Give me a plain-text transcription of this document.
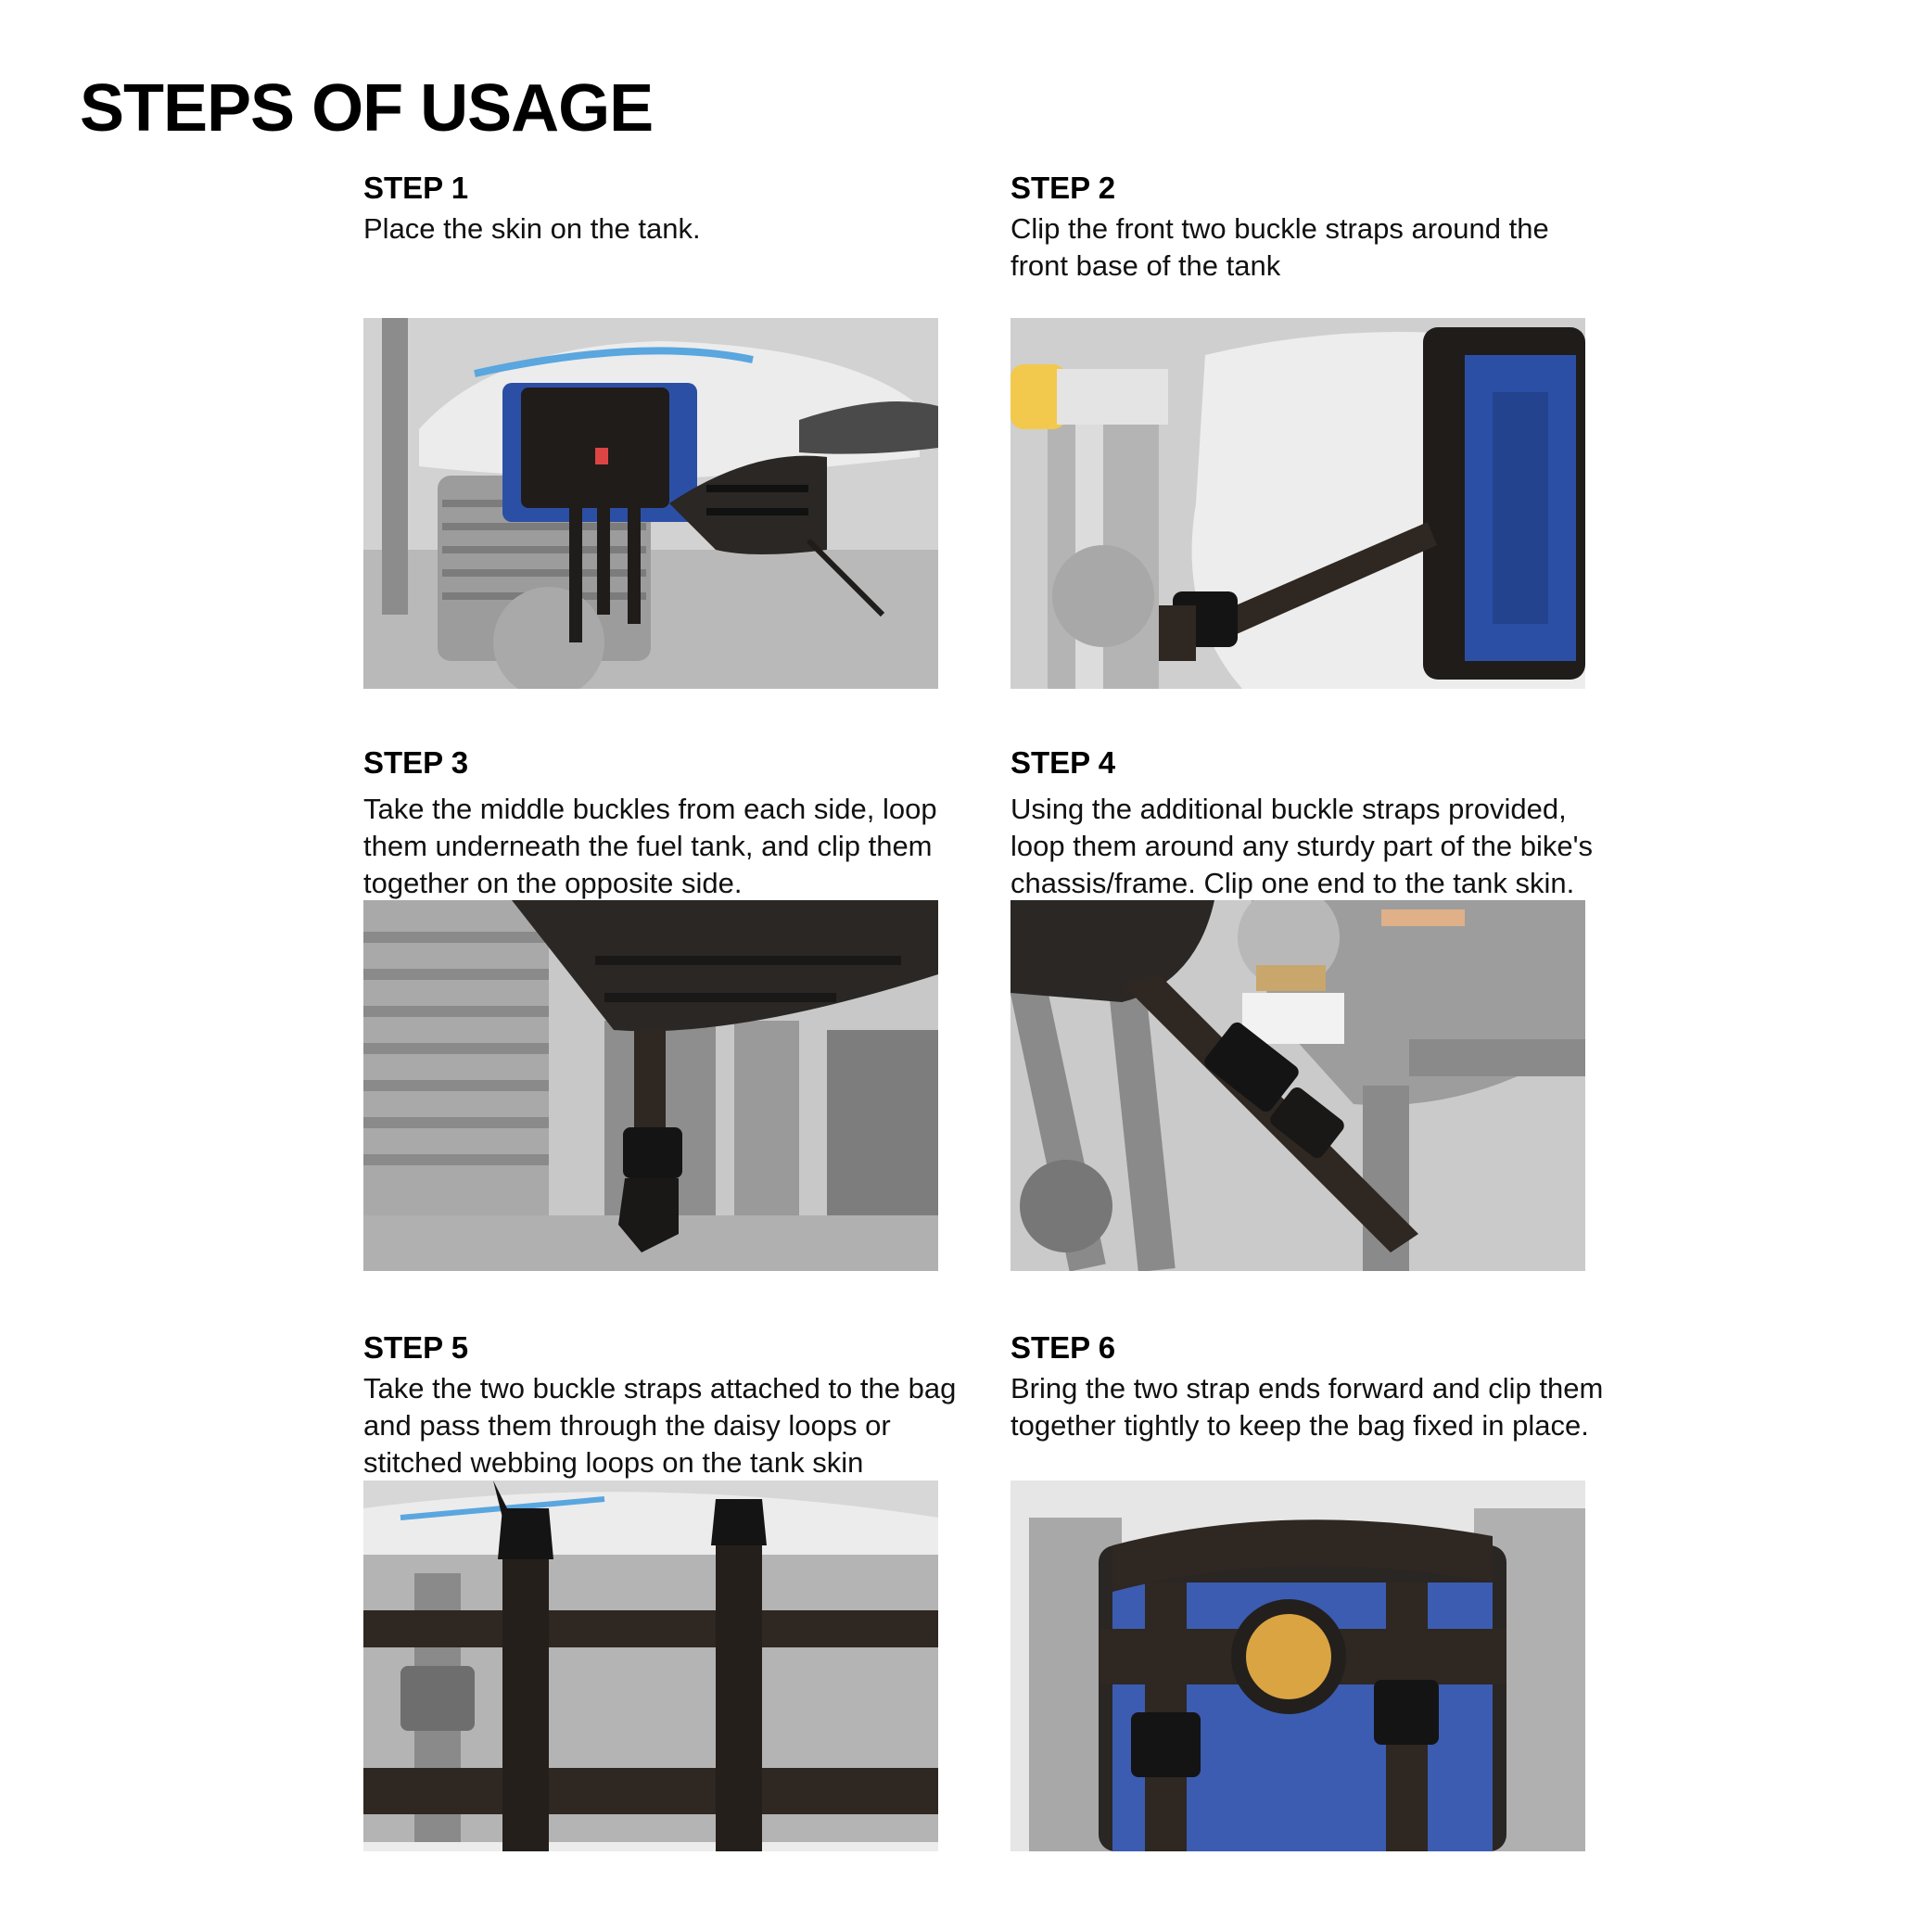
STEPS OF USAGE
STEP 1
Place the skin on the tank.
STEP 2
Clip the front two buckle straps around the front base of the tank
STEP 3
Take the middle buckles from each side, loop them underneath the fuel tank, and clip them together on the opposite side.
STEP 4
Using the additional buckle straps provided, loop them around any sturdy part of the bike's chassis/frame. Clip one end to the tank skin.
STEP 5
Take the two buckle straps attached to the bag and pass them through the daisy loops or stitched webbing loops on the tank skin
STEP 6
Bring the two strap ends forward and clip them together tightly to keep the bag fixed in place.
